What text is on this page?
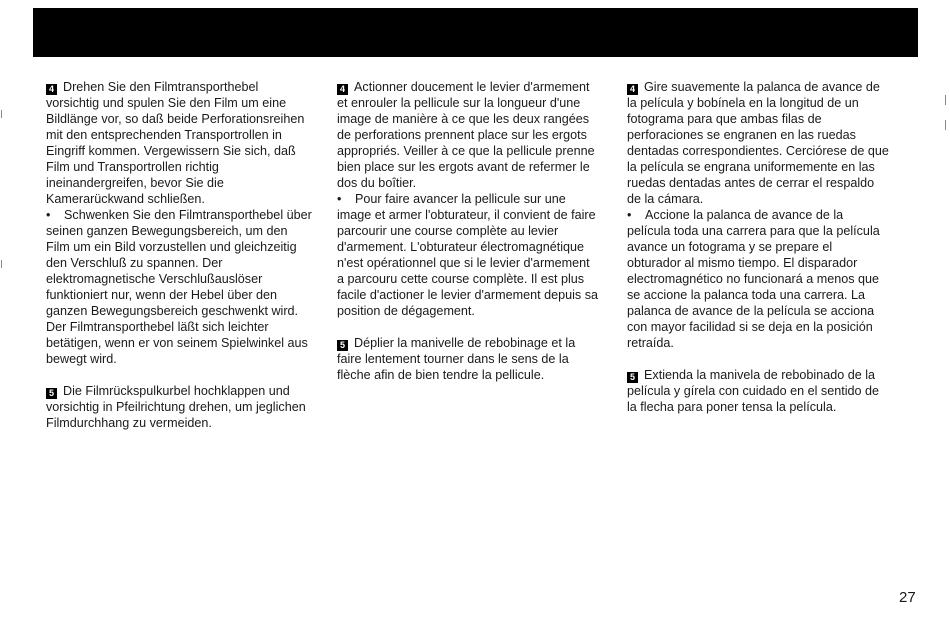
4 Drehen Sie den Filmtransporthebel vorsichtig und spulen Sie den Film um eine Bildlänge vor, so daß beide Perforationsreihen mit den entsprechenden Transportrollen in Eingriff kommen. Vergewissern Sie sich, daß Film und Transportrollen richtig ineinandergreifen, bevor Sie die Kamerarückwand schließen.

• Schwenken Sie den Filmtransporthebel über seinen ganzen Bewegungsbereich, um den Film um ein Bild vorzustellen und gleichzeitig den Verschluß zu spannen. Der elektromagnetische Verschlußauslöser funktioniert nur, wenn der Hebel über den ganzen Bewegungsbereich geschwenkt wird. Der Filmtransporthebel läßt sich leichter betätigen, wenn er von seinem Spielwinkel aus bewegt wird.

5 Die Filmrückspulkurbel hochklappen und vorsichtig in Pfeilrichtung drehen, um jeglichen Filmdurchhang zu vermeiden.

4 Actionner doucement le levier d'armement et enrouler la pellicule sur la longueur d'une image de manière à ce que les deux rangées de perforations prennent place sur les ergots appropriés. Veiller à ce que la pellicule prenne bien place sur les ergots avant de refermer le dos du boîtier.

• Pour faire avancer la pellicule sur une image et armer l'obturateur, il convient de faire parcourir une course complète au levier d'armement. L'obturateur électromagnétique n'est opérationnel que si le levier d'armement a parcouru cette course complète. Il est plus facile d'actioner le levier d'armement depuis sa position de dégagement.

5 Déplier la manivelle de rebobinage et la faire lentement tourner dans le sens de la flèche afin de bien tendre la pellicule.

4 Gire suavemente la palanca de avance de la película y bobínela en la longitud de un fotograma para que ambas filas de perforaciones se engranen en las ruedas dentadas correspondientes. Cerciórese de que la película se engrana uniformemente en las ruedas dentadas antes de cerrar el respaldo de la cámara.

• Accione la palanca de avance de la película toda una carrera para que la película avance un fotograma y se prepare el obturador al mismo tiempo. El disparador electromagnético no funcionará a menos que se accione la palanca toda una carrera. La palanca de avance de la película se acciona con mayor facilidad si se deja en la posición retraída.

5 Extienda la manivela de rebobinado de la película y gírela con cuidado en el sentido de la flecha para poner tensa la película.

27
